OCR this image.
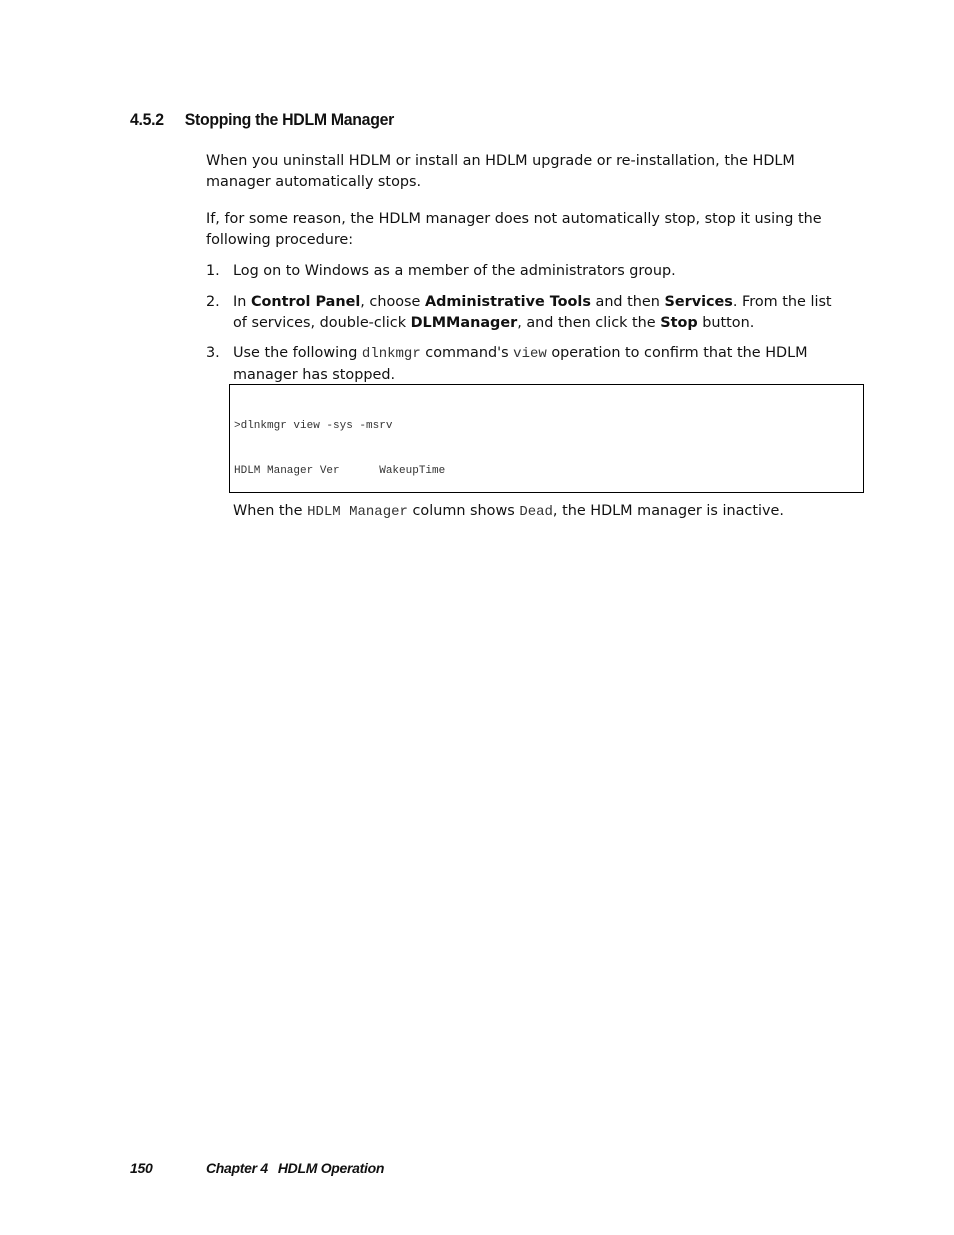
4.5.2 Stopping the HDLM Manager

When you uninstall HDLM or install an HDLM upgrade or re-installation, the HDLM manager automatically stops.

If, for some reason, the HDLM manager does not automatically stop, stop it using the following procedure:

1. Log on to Windows as a member of the administrators group.
2. In Control Panel, choose Administrative Tools and then Services. From the list of services, double-click DLMManager, and then click the Stop button.
3. Use the following dlnkmgr command's view operation to confirm that the HDLM manager has stopped.

>dlnkmgr view -sys -msrv

HDLM Manager Ver      WakeupTime

When the HDLM Manager column shows Dead, the HDLM manager is inactive.

150	Chapter 4 HDLM Operation
